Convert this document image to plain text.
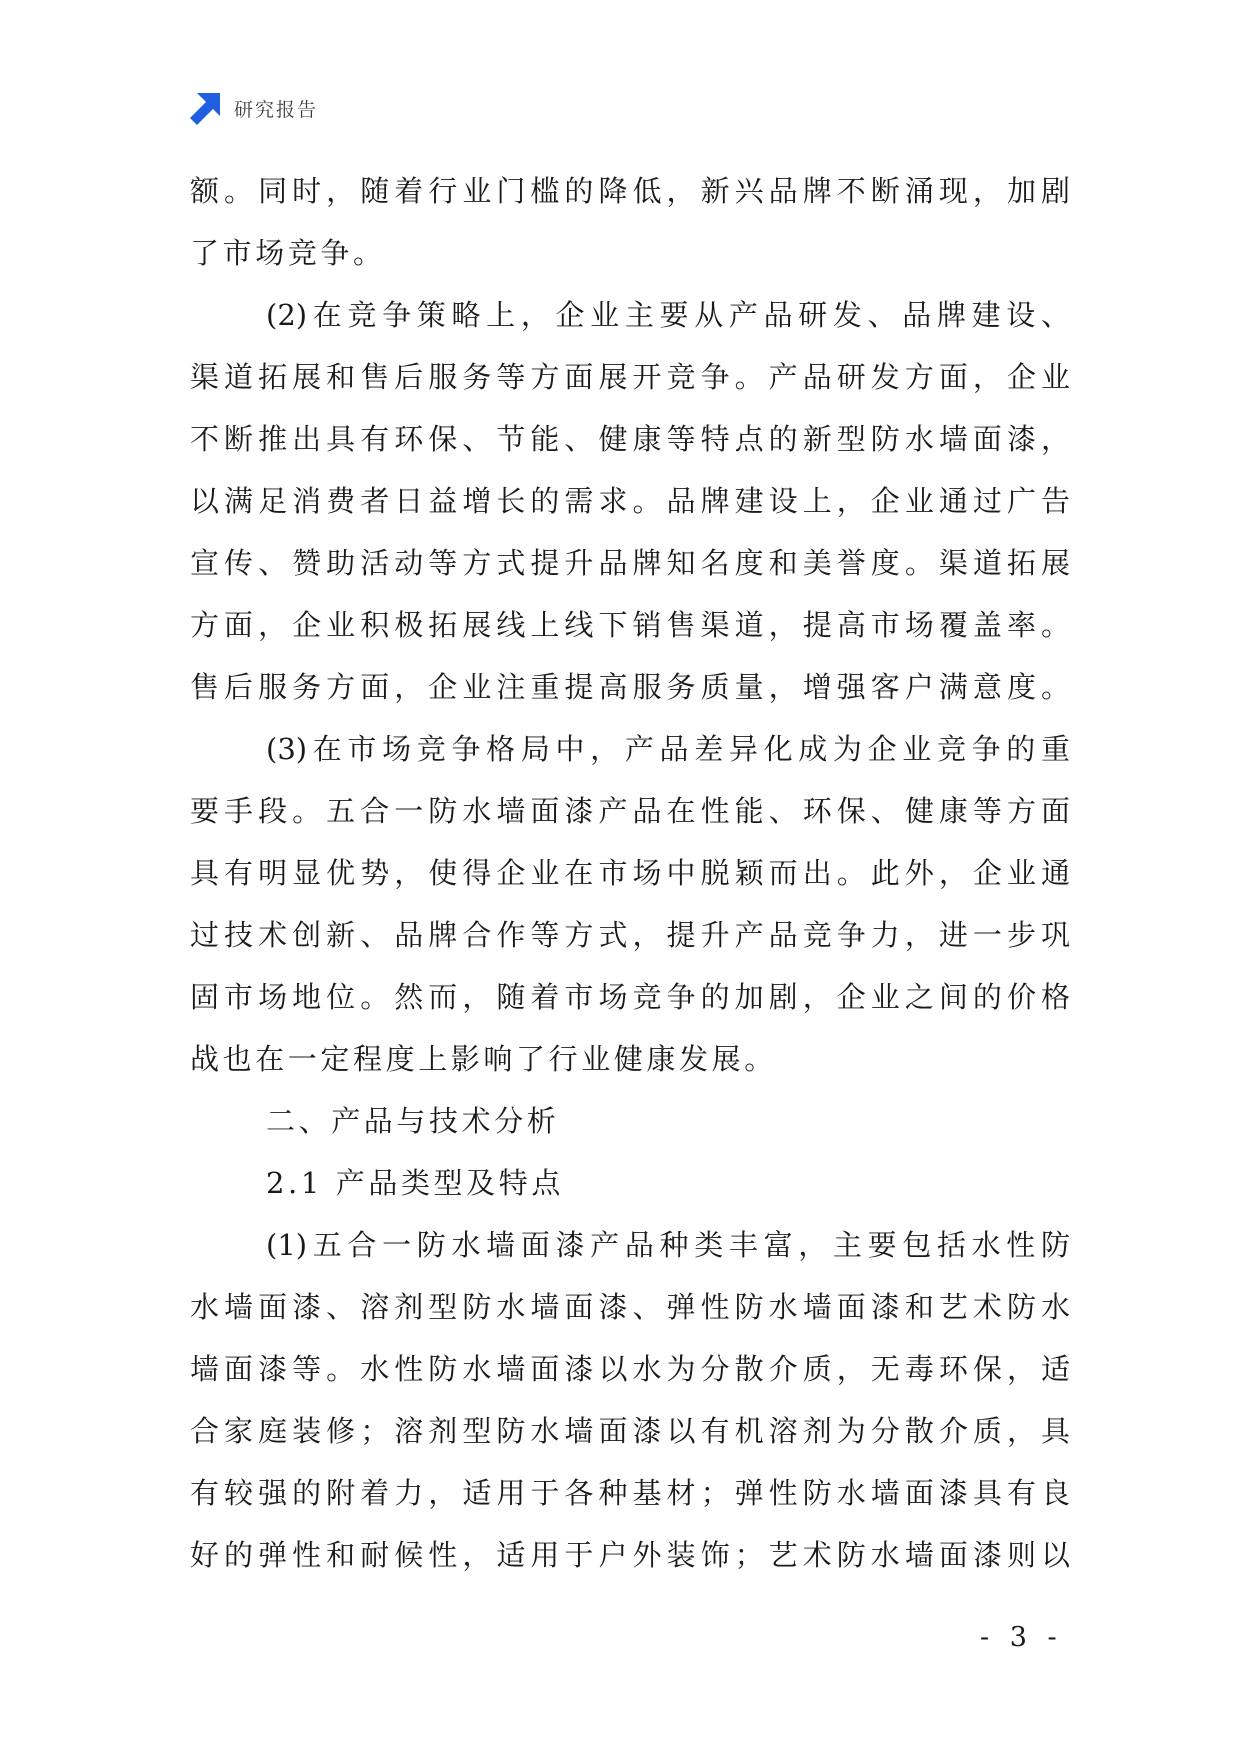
研究报告
额。同时，随着行业门槛的降低，新兴品牌不断涌现，加剧
了市场竞争。
(2)在竞争策略上，企业主要从产品研发、品牌建设、
渠道拓展和售后服务等方面展开竞争。产品研发方面，企业
不断推出具有环保、节能、健康等特点的新型防水墙面漆，
以满足消费者日益增长的需求。品牌建设上，企业通过广告
宣传、赞助活动等方式提升品牌知名度和美誉度。渠道拓展
方面，企业积极拓展线上线下销售渠道，提高市场覆盖率。
售后服务方面，企业注重提高服务质量，增强客户满意度。
(3)在市场竞争格局中，产品差异化成为企业竞争的重
要手段。五合一防水墙面漆产品在性能、环保、健康等方面
具有明显优势，使得企业在市场中脱颖而出。此外，企业通
过技术创新、品牌合作等方式，提升产品竞争力，进一步巩
固市场地位。然而，随着市场竞争的加剧，企业之间的价格
战也在一定程度上影响了行业健康发展。
二、产品与技术分析
2.1 产品类型及特点
(1)五合一防水墙面漆产品种类丰富，主要包括水性防
水墙面漆、溶剂型防水墙面漆、弹性防水墙面漆和艺术防水
墙面漆等。水性防水墙面漆以水为分散介质，无毒环保，适
合家庭装修；溶剂型防水墙面漆以有机溶剂为分散介质，具
有较强的附着力，适用于各种基材；弹性防水墙面漆具有良
好的弹性和耐候性，适用于户外装饰；艺术防水墙面漆则以
- 3 -
